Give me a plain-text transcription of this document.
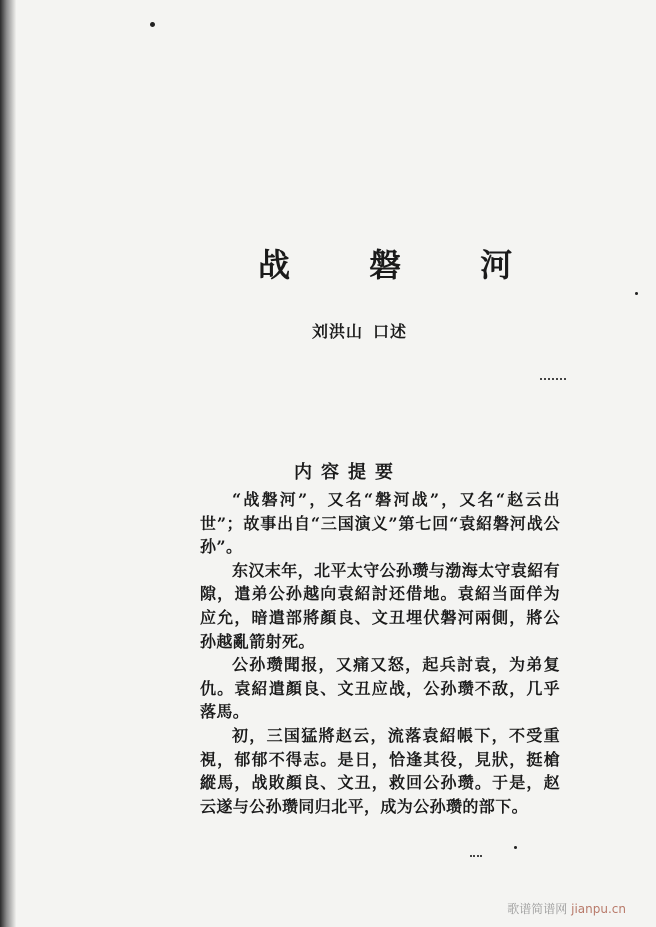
战 磐 河
刘洪山 口述
内容提要

“战磐河”，又名“磐河战”，又名“赵云出世”；故事出自“三国演义”第七回“袁紹磐河战公孙”。

东汉末年，北平太守公孙瓒与渤海太守袁紹有隙，遣弟公孙越向袁紹討还借地。袁紹当面佯为应允，暗遣部將顏良、文丑埋伏磐河兩側，將公孙越亂箭射死。

公孙瓒聞报，又痛又怒，起兵討袁，为弟复仇。袁紹遣顏良、文丑应战，公孙瓒不敌，几乎落馬。

初，三国猛將赵云，流落袁紹帳下，不受重視，郁郁不得志。是日，恰逢其役，見狀，挺槍縱馬，战敗顏良、文丑，救回公孙瓒。于是，赵云遂与公孙瓒同归北平，成为公孙瓒的部下。

歌谱简谱网 jianpu.cn
